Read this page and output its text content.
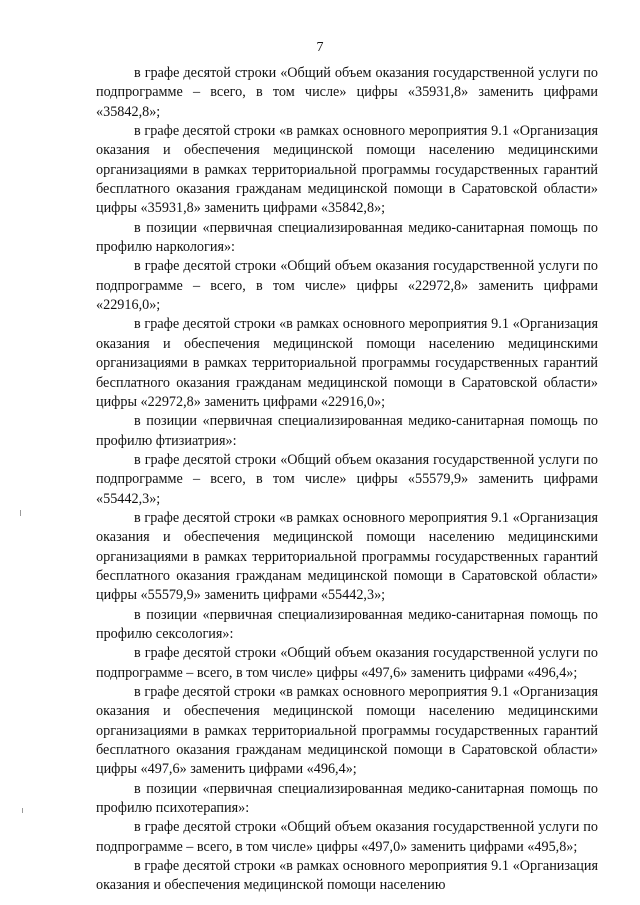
7

в графе десятой строки «Общий объем оказания государственной услуги по подпрограмме – всего, в том числе» цифры «35931,8» заменить цифрами «35842,8»;

в графе десятой строки «в рамках основного мероприятия 9.1 «Организация оказания и обеспечения медицинской помощи населению медицинскими организациями в рамках территориальной программы государственных гарантий бесплатного оказания гражданам медицинской помощи в Саратовской области» цифры «35931,8» заменить цифрами «35842,8»;

в позиции «первичная специализированная медико-санитарная помощь по профилю наркология»:

в графе десятой строки «Общий объем оказания государственной услуги по подпрограмме – всего, в том числе» цифры «22972,8» заменить цифрами «22916,0»;

в графе десятой строки «в рамках основного мероприятия 9.1 «Организация оказания и обеспечения медицинской помощи населению медицинскими организациями в рамках территориальной программы государственных гарантий бесплатного оказания гражданам медицинской помощи в Саратовской области» цифры «22972,8» заменить цифрами «22916,0»;

в позиции «первичная специализированная медико-санитарная помощь по профилю фтизиатрия»:

в графе десятой строки «Общий объем оказания государственной услуги по подпрограмме – всего, в том числе» цифры «55579,9» заменить цифрами «55442,3»;

в графе десятой строки «в рамках основного мероприятия 9.1 «Организация оказания и обеспечения медицинской помощи населению медицинскими организациями в рамках территориальной программы государственных гарантий бесплатного оказания гражданам медицинской помощи в Саратовской области» цифры «55579,9» заменить цифрами «55442,3»;

в позиции «первичная специализированная медико-санитарная помощь по профилю сексология»:

в графе десятой строки «Общий объем оказания государственной услуги по подпрограмме – всего, в том числе» цифры «497,6» заменить цифрами «496,4»;

в графе десятой строки «в рамках основного мероприятия 9.1 «Организация оказания и обеспечения медицинской помощи населению медицинскими организациями в рамках территориальной программы государственных гарантий бесплатного оказания гражданам медицинской помощи в Саратовской области» цифры «497,6» заменить цифрами «496,4»;

в позиции «первичная специализированная медико-санитарная помощь по профилю психотерапия»:

в графе десятой строки «Общий объем оказания государственной услуги по подпрограмме – всего, в том числе» цифры «497,0» заменить цифрами «495,8»;

в графе десятой строки «в рамках основного мероприятия 9.1 «Организация оказания и обеспечения медицинской помощи населению
